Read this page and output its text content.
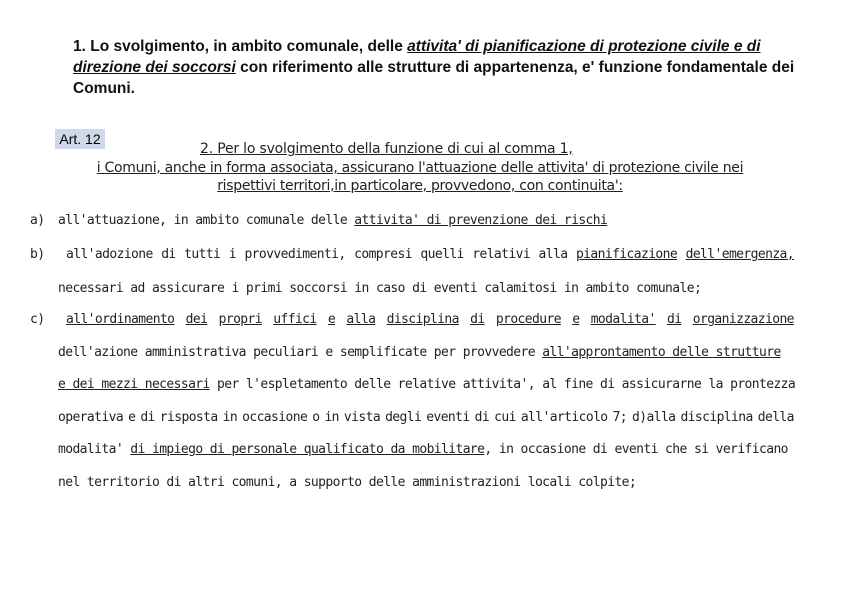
1. Lo svolgimento, in ambito comunale, delle attivita' di pianificazione di protezione civile e di direzione dei soccorsi con riferimento alle strutture di appartenenza, e' funzione fondamentale dei Comuni.
Art. 12
2. Per lo svolgimento della funzione di cui al comma 1,
i Comuni, anche in forma associata, assicurano l'attuazione delle attivita' di protezione civile nei
rispettivi territori,in particolare, provvedono, con continuita':
a) all'attuazione, in ambito comunale delle attivita' di prevenzione dei rischi
b) all'adozione di tutti i provvedimenti, compresi quelli relativi alla pianificazione dell'emergenza,
necessari ad assicurare i primi soccorsi in caso di eventi calamitosi in ambito comunale;
c) all'ordinamento dei propri uffici e alla disciplina di procedure e modalita' di organizzazione
dell'azione amministrativa peculiari e semplificate per provvedere all'approntamento delle strutture
e dei mezzi necessari per l'espletamento delle relative attivita', al fine di assicurarne la prontezza
operativa e di risposta in occasione o in vista degli eventi di cui all'articolo 7; d)alla disciplina della
modalita' di impiego di personale qualificato da mobilitare, in occasione di eventi che si verificano
nel territorio di altri comuni, a supporto delle amministrazioni locali colpite;
